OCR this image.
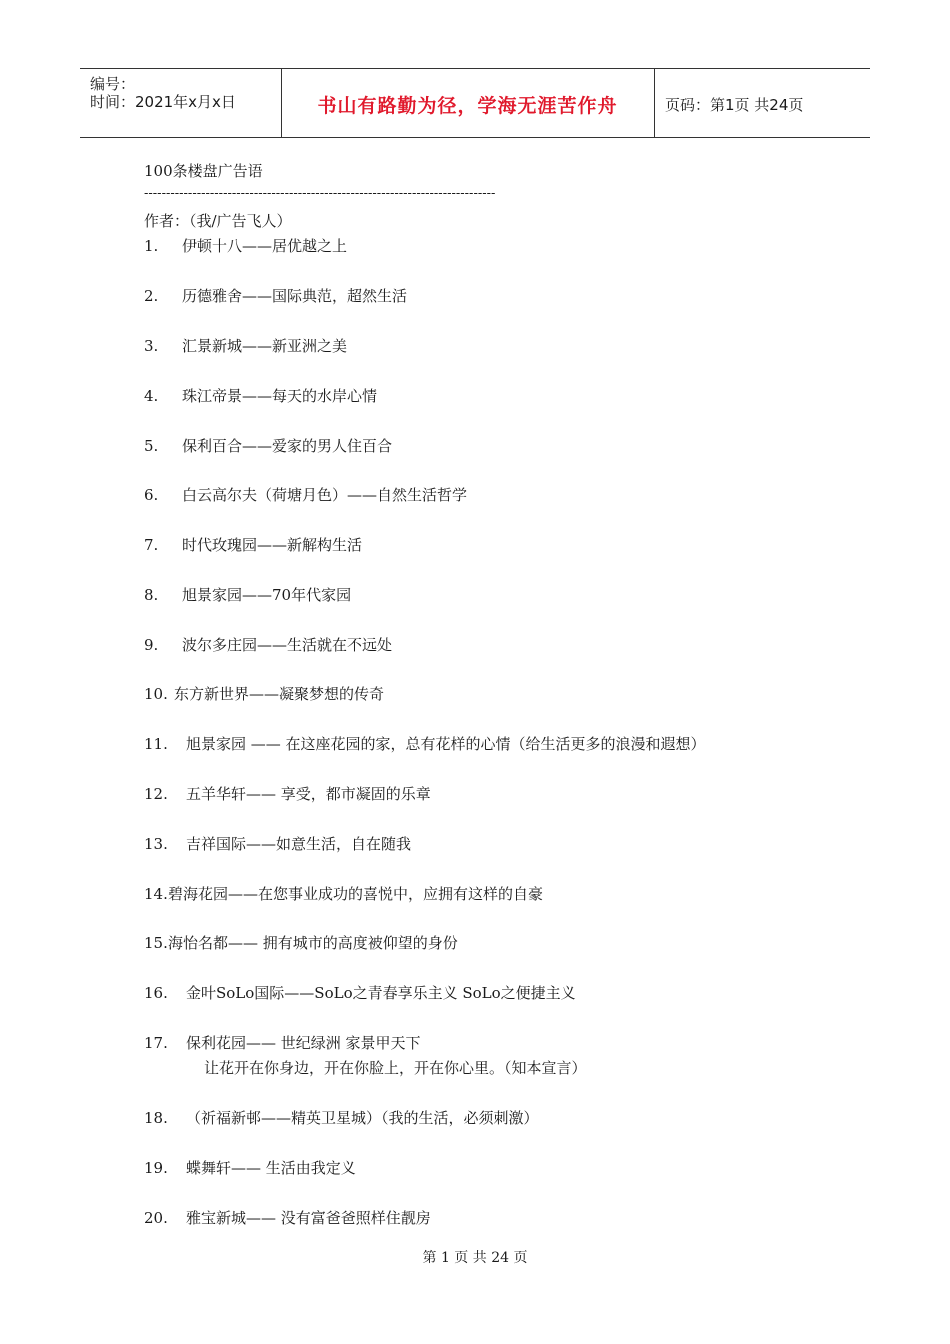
编号：
时间：2021年x月x日	书山有路勤为径，学海无涯苦作舟	页码：第1页 共24页
100条楼盘广告语
--------------------------------------------------------------------------------
作者：（我/广告飞人）
1. 伊顿十八——居优越之上
2. 历德雅舍——国际典范，超然生活
3. 汇景新城——新亚洲之美
4. 珠江帝景——每天的水岸心情
5. 保利百合——爱家的男人住百合
6. 白云高尔夫（荷塘月色）——自然生活哲学
7. 时代玫瑰园——新解构生活
8. 旭景家园——70年代家园
9. 波尔多庄园——生活就在不远处
10. 东方新世界——凝聚梦想的传奇
11. 旭景家园 —— 在这座花园的家，总有花样的心情（给生活更多的浪漫和遐想）
12. 五羊华轩—— 享受，都市凝固的乐章
13. 吉祥国际——如意生活，自在随我
14.碧海花园——在您事业成功的喜悦中，应拥有这样的自豪
15.海怡名都—— 拥有城市的高度被仰望的身份
16. 金叶SoLo国际——SoLo之青春享乐主义 SoLo之便捷主义
17. 保利花园—— 世纪绿洲 家景甲天下
18. （祈福新邨——精英卫星城）（我的生活，必须刺激）
19. 蝶舞轩—— 生活由我定义
20. 雅宝新城—— 没有富爸爸照样住靓房
让花开在你身边，开在你脸上，开在你心里。（知本宣言）
第 1 页 共 24 页
